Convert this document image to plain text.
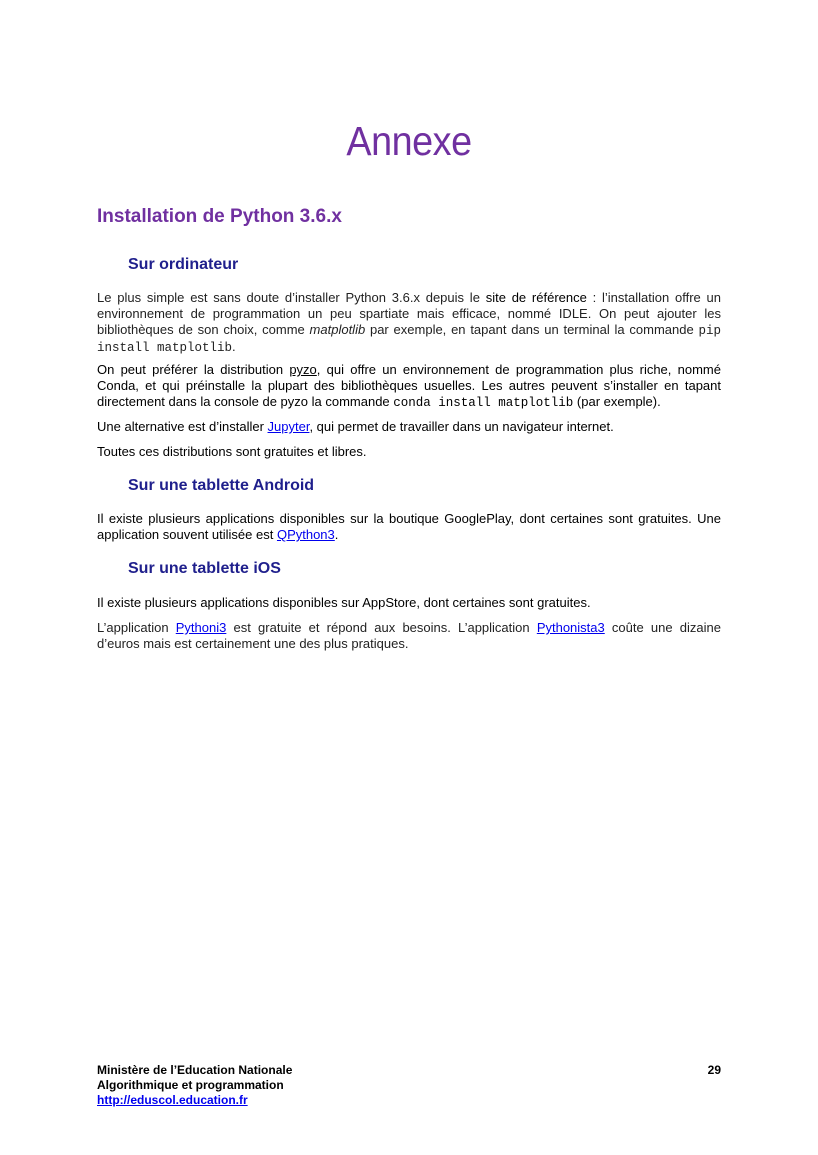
Annexe
Installation de Python 3.6.x
Sur ordinateur
Le plus simple est sans doute d’installer Python 3.6.x depuis le site de référence : l’installation offre un environnement de programmation un peu spartiate mais efficace, nommé IDLE. On peut ajouter les bibliothèques de son choix, comme matplotlib par exemple, en tapant dans un terminal la commande pip install matplotlib.
On peut préférer la distribution pyzo, qui offre un environnement de programmation plus riche, nommé Conda, et qui préinstalle la plupart des bibliothèques usuelles. Les autres peuvent s’installer en tapant directement dans la console de pyzo la commande conda install matplotlib (par exemple).
Une alternative est d’installer Jupyter, qui permet de travailler dans un navigateur internet.
Toutes ces distributions sont gratuites et libres.
Sur une tablette Android
Il existe plusieurs applications disponibles sur la boutique GooglePlay, dont certaines sont gratuites. Une application souvent utilisée est QPython3.
Sur une tablette iOS
Il existe plusieurs applications disponibles sur AppStore, dont certaines sont gratuites.
L’application Pythoni3 est gratuite et répond aux besoins. L’application Pythonista3 coûte une dizaine d’euros mais est certainement une des plus pratiques.
Ministère de l’Education Nationale
Algorithmique et programmation
http://eduscol.education.fr
29
